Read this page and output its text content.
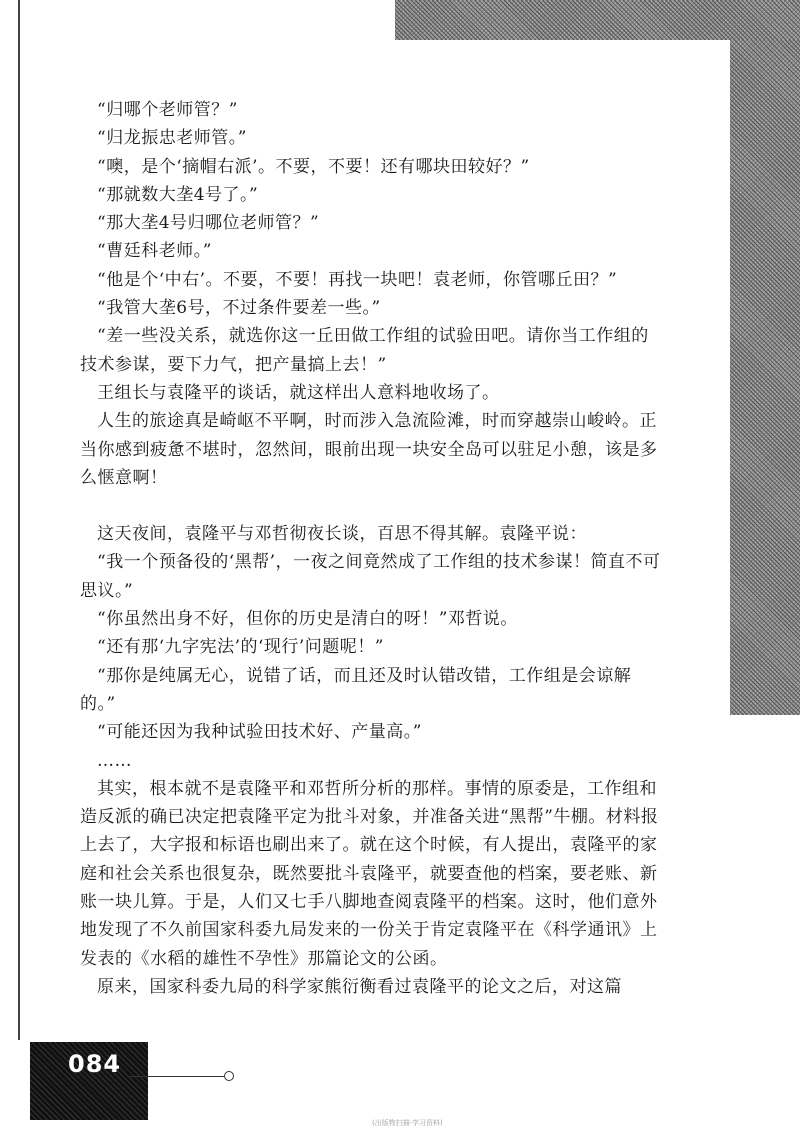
“归哪个老师管？”

“归龙振忠老师管。”

“噢，是个‘摘帽右派’。不要，不要！还有哪块田较好？”

“那就数大垄4号了。”

“那大垄4号归哪位老师管？”

“曹廷科老师。”

“他是个‘中右’。不要，不要！再找一块吧！袁老师，你管哪丘田？”

“我管大垄6号，不过条件要差一些。”

“差一些没关系，就选你这一丘田做工作组的试验田吧。请你当工作组的技术参谋，要下力气，把产量搞上去！”

王组长与袁隆平的谈话，就这样出人意料地收场了。

人生的旅途真是崎岖不平啊，时而涉入急流险滩，时而穿越崇山峻岭。正当你感到疲惫不堪时，忽然间，眼前出现一块安全岛可以驻足小憩，该是多么惬意啊！

这天夜间，袁隆平与邓哲彻夜长谈，百思不得其解。袁隆平说：

“我一个预备役的‘黑帮’，一夜之间竟然成了工作组的技术参谋！简直不可思议。”

“你虽然出身不好，但你的历史是清白的呀！”邓哲说。

“还有那‘九字宪法’的‘现行’问题呢！”

“那你是纯属无心，说错了话，而且还及时认错改错，工作组是会谅解的。”

“可能还因为我种试验田技术好、产量高。”

……

其实，根本就不是袁隆平和邓哲所分析的那样。事情的原委是，工作组和造反派的确已决定把袁隆平定为批斗对象，并准备关进“黑帮”牛棚。材料报上去了，大字报和标语也刷出来了。就在这个时候，有人提出，袁隆平的家庭和社会关系也很复杂，既然要批斗袁隆平，就要查他的档案，要老账、新账一块儿算。于是，人们又七手八脚地查阅袁隆平的档案。这时，他们意外地发现了不久前国家科委九局发来的一份关于肯定袁隆平在《科学通讯》上发表的《水稻的雄性不孕性》那篇论文的公函。

原来，国家科委九局的科学家熊衍衡看过袁隆平的论文之后，对这篇

084
(出版物扫描·学习资料)
